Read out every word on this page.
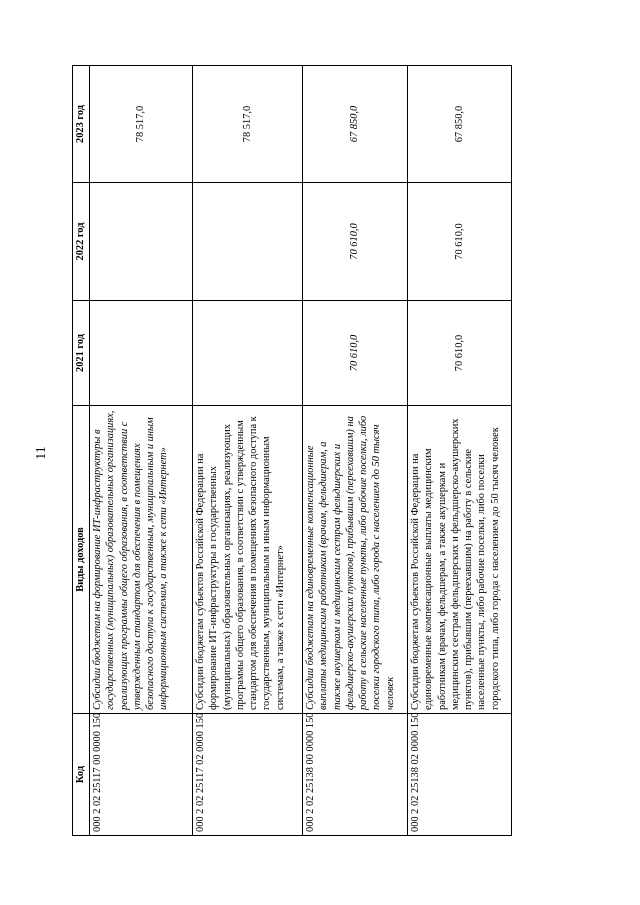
11
Код	Виды доходов	2021 год	2022 год	2023 год
000 2 02 25117 00 0000 150	Субсидии бюджетам на формирование ИТ-инфраструктуры в государственных (муниципальных) образовательных организациях, реализующих программы общего образования, в соответствии с утвержденным стандартом для обеспечения в помещениях безопасного доступа к государственным, муниципальным и иным информационным системам, а также к сети «Интернет»			78 517,0
000 2 02 25117 02 0000 150	Субсидии бюджетам субъектов Российской Федерации на формирование ИТ-инфраструктуры в государственных (муниципальных) образовательных организациях, реализующих программы общего образования, в соответствии с утвержденным стандартом для обеспечения в помещениях безопасного доступа к государственным, муниципальным и иным информационным системам, а также к сети «Интернет»			78 517,0
000 2 02 25138 00 0000 150	Субсидии бюджетам на единовременные компенсационные выплаты медицинским работникам (врачам, фельдшерам, а также акушеркам и медицинским сестрам фельдшерских и фельдшерско-акушерских пунктов), прибывшим (переехавшим) на работу в сельские населенные пункты, либо рабочие поселки, либо поселки городского типа, либо города с населением до 50 тысяч человек	70 610,0	70 610,0	67 850,0
000 2 02 25138 02 0000 150	Субсидии бюджетам субъектов Российской Федерации на единовременные компенсационные выплаты медицинским работникам (врачам, фельдшерам, а также акушеркам и медицинским сестрам фельдшерских и фельдшерско-акушерских пунктов), прибывшим (переехавшим) на работу в сельские населенные пункты, либо рабочие поселки, либо поселки городского типа, либо города с населением до 50 тысяч человек	70 610,0	70 610,0	67 850,0
